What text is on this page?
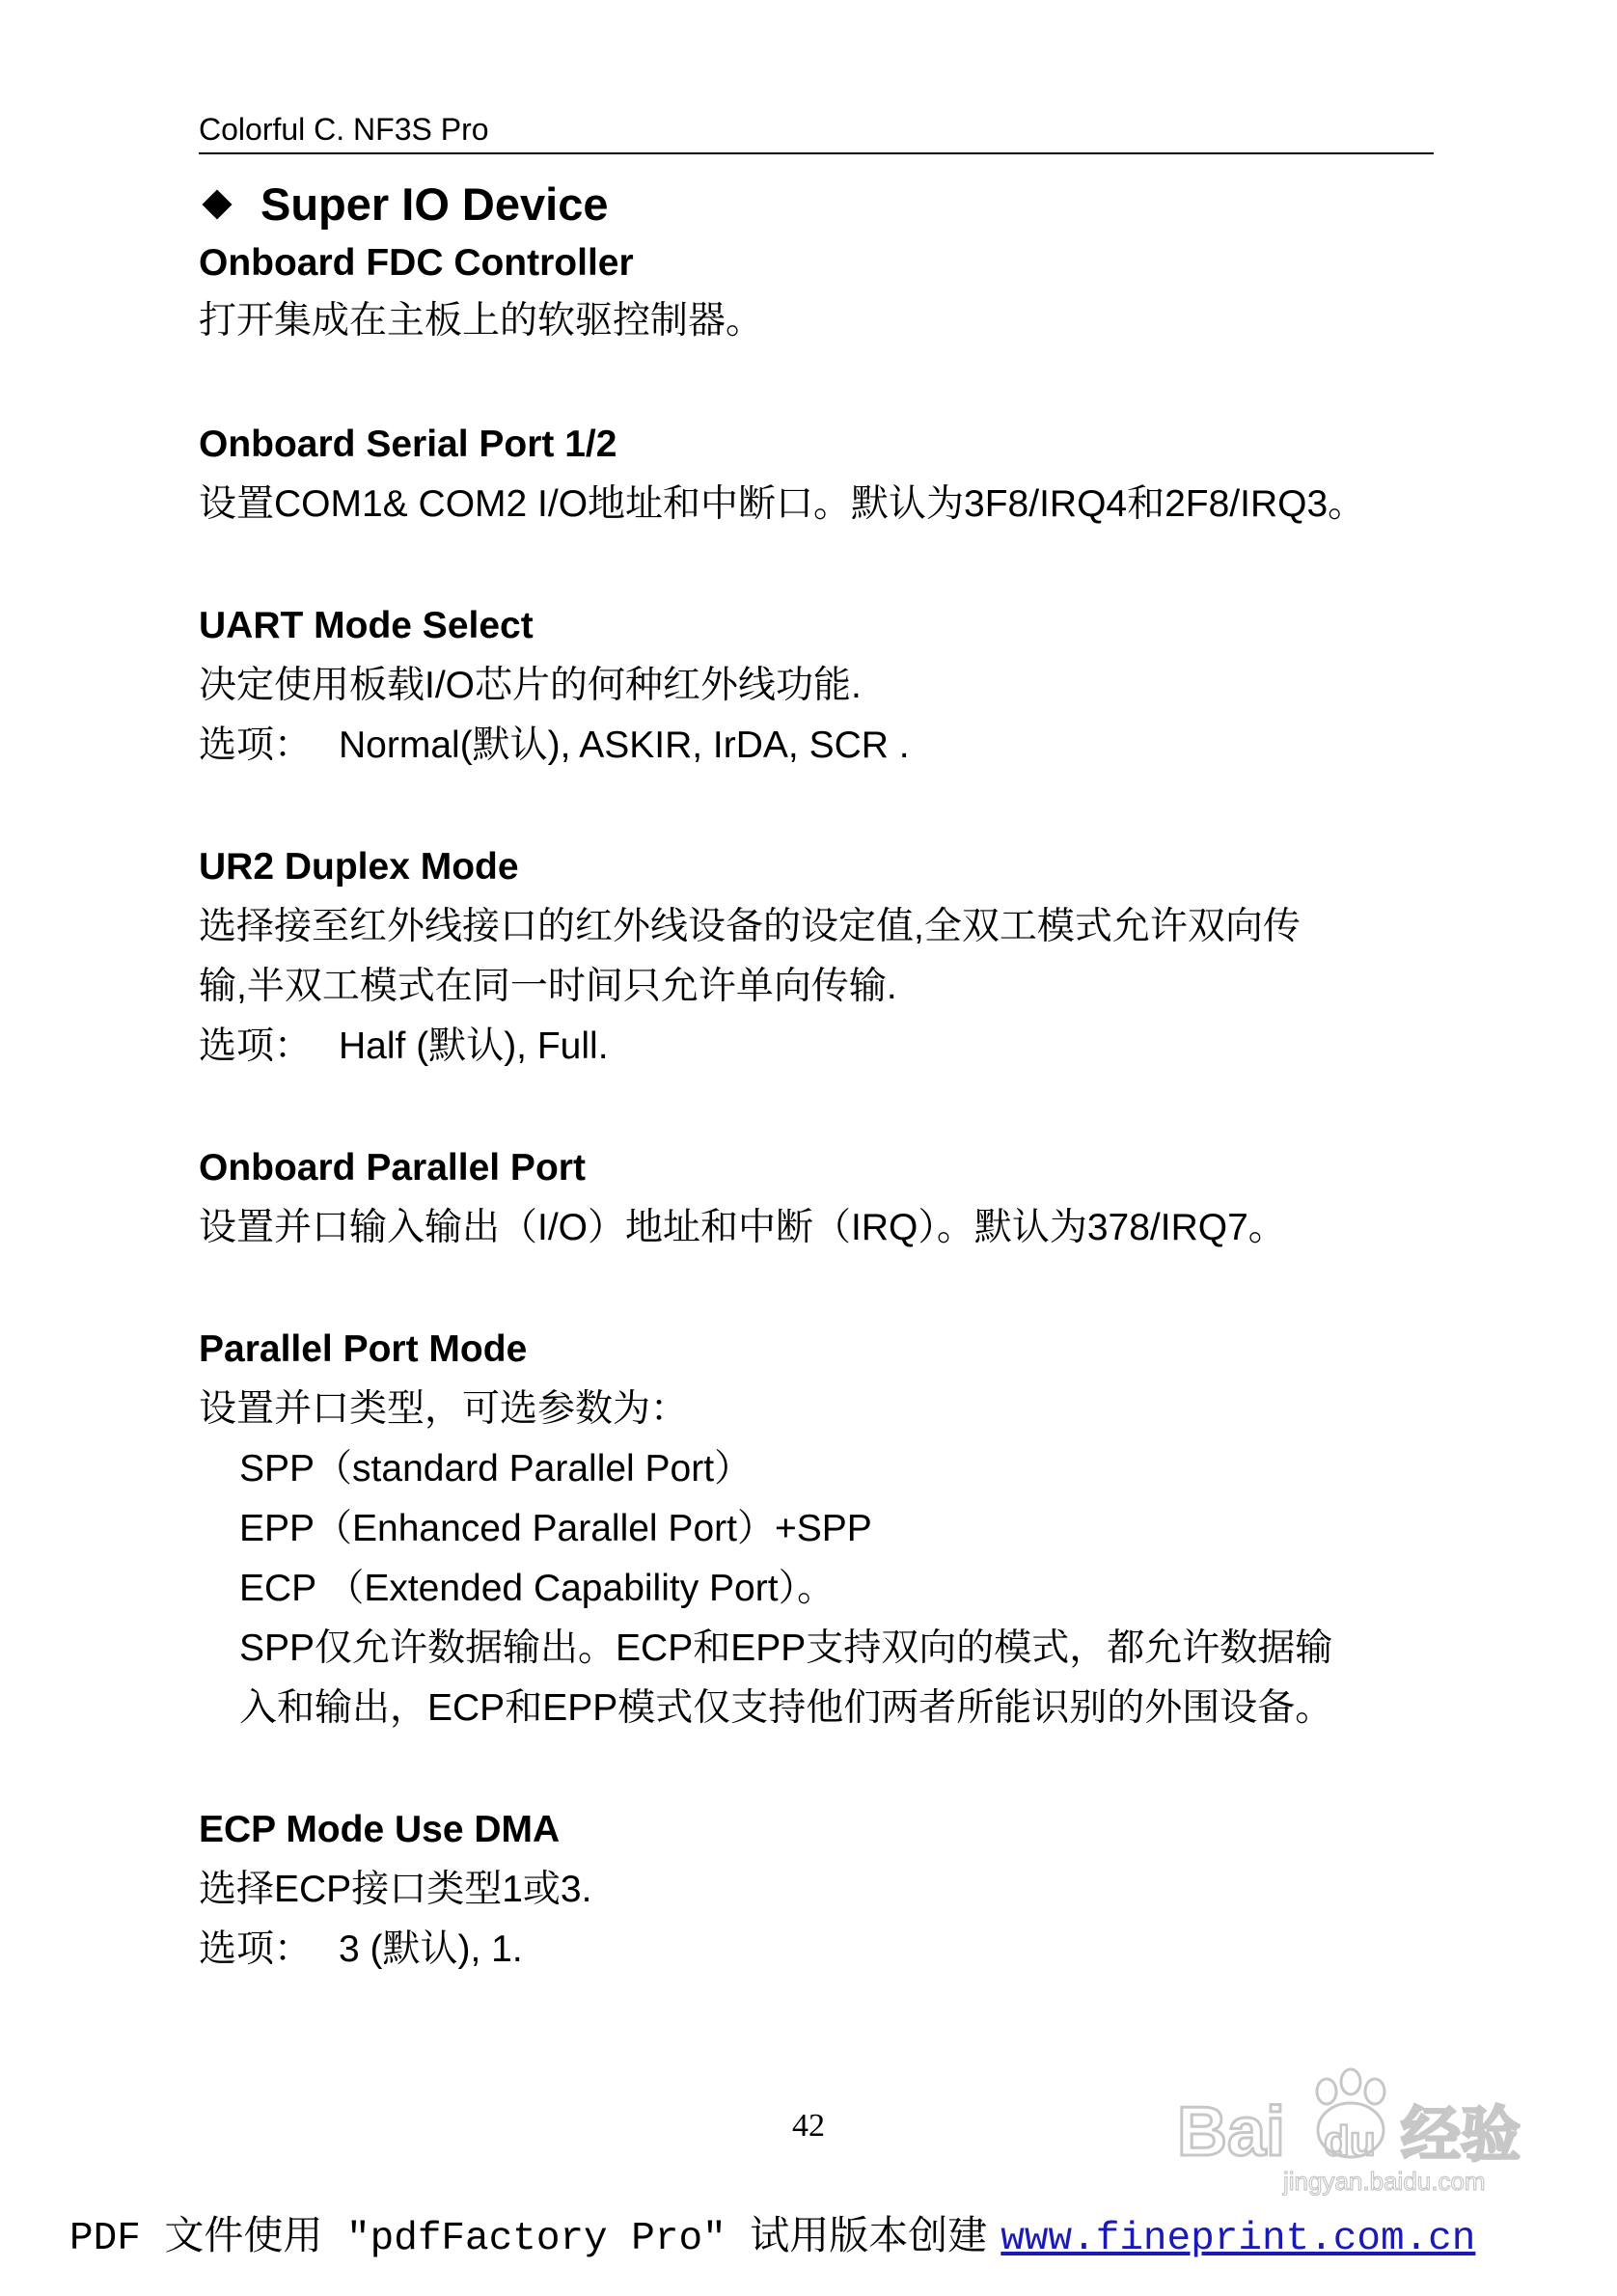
Colorful C. NF3S Pro
Super IO Device
Onboard FDC Controller
打开集成在主板上的软驱控制器。
Onboard Serial Port 1/2
设置COM1& COM2 I/O地址和中断口。默认为3F8/IRQ4和2F8/IRQ3。
UART Mode Select
决定使用板载I/O芯片的何种红外线功能.
选项： Normal(默认), ASKIR, IrDA, SCR .
UR2 Duplex Mode
选择接至红外线接口的红外线设备的设定值,全双工模式允许双向传
输,半双工模式在同一时间只允许单向传输.
选项： Half (默认), Full.
Onboard Parallel Port
设置并口输入输出（I/O）地址和中断（IRQ）。默认为378/IRQ7。
Parallel Port Mode
设置并口类型，可选参数为：
SPP（standard Parallel Port）
EPP（Enhanced Parallel Port）+SPP
ECP （Extended Capability Port）。
SPP仅允许数据输出。ECP和EPP支持双向的模式，都允许数据输
入和输出，ECP和EPP模式仅支持他们两者所能识别的外围设备。
ECP Mode Use DMA
选择ECP接口类型1或3.
选项： 3 (默认), 1.
42	Bai du 经验
jingyan.baidu.com
PDF 文件使用 "pdfFactory Pro" 试用版本创建 www.fineprint.com.cn
